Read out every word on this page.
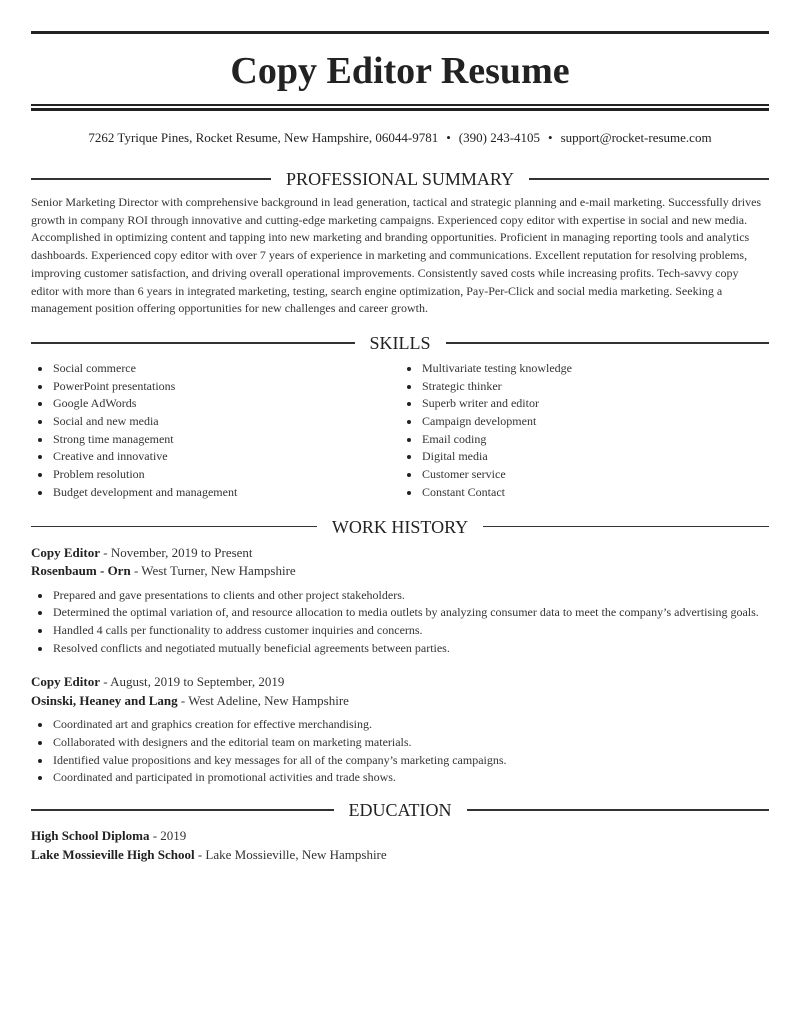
Copy Editor Resume
7262 Tyrique Pines, Rocket Resume, New Hampshire, 06044-9781 • (390) 243-4105 • support@rocket-resume.com
PROFESSIONAL SUMMARY

Senior Marketing Director with comprehensive background in lead generation, tactical and strategic planning and e-mail marketing. Successfully drives growth in company ROI through innovative and cutting-edge marketing campaigns. Experienced copy editor with expertise in social and new media. Accomplished in optimizing content and tapping into new marketing and branding opportunities. Proficient in managing reporting tools and analytics dashboards. Experienced copy editor with over 7 years of experience in marketing and communications. Excellent reputation for resolving problems, improving customer satisfaction, and driving overall operational improvements. Consistently saved costs while increasing profits. Tech-savvy copy editor with more than 6 years in integrated marketing, testing, search engine optimization, Pay-Per-Click and social media marketing. Seeking a management position offering opportunities for new challenges and career growth.

SKILLS
Social commerce
PowerPoint presentations
Google AdWords
Social and new media
Strong time management
Creative and innovative
Problem resolution
Budget development and management
Multivariate testing knowledge
Strategic thinker
Superb writer and editor
Campaign development
Email coding
Digital media
Customer service
Constant Contact
WORK HISTORY
Copy Editor - November, 2019 to Present
Rosenbaum - Orn - West Turner, New Hampshire
Prepared and gave presentations to clients and other project stakeholders.
Determined the optimal variation of, and resource allocation to media outlets by analyzing consumer data to meet the company’s advertising goals.
Handled 4 calls per functionality to address customer inquiries and concerns.
Resolved conflicts and negotiated mutually beneficial agreements between parties.
Copy Editor - August, 2019 to September, 2019
Osinski, Heaney and Lang - West Adeline, New Hampshire
Coordinated art and graphics creation for effective merchandising.
Collaborated with designers and the editorial team on marketing materials.
Identified value propositions and key messages for all of the company’s marketing campaigns.
Coordinated and participated in promotional activities and trade shows.
EDUCATION
High School Diploma - 2019
Lake Mossieville High School - Lake Mossieville, New Hampshire
